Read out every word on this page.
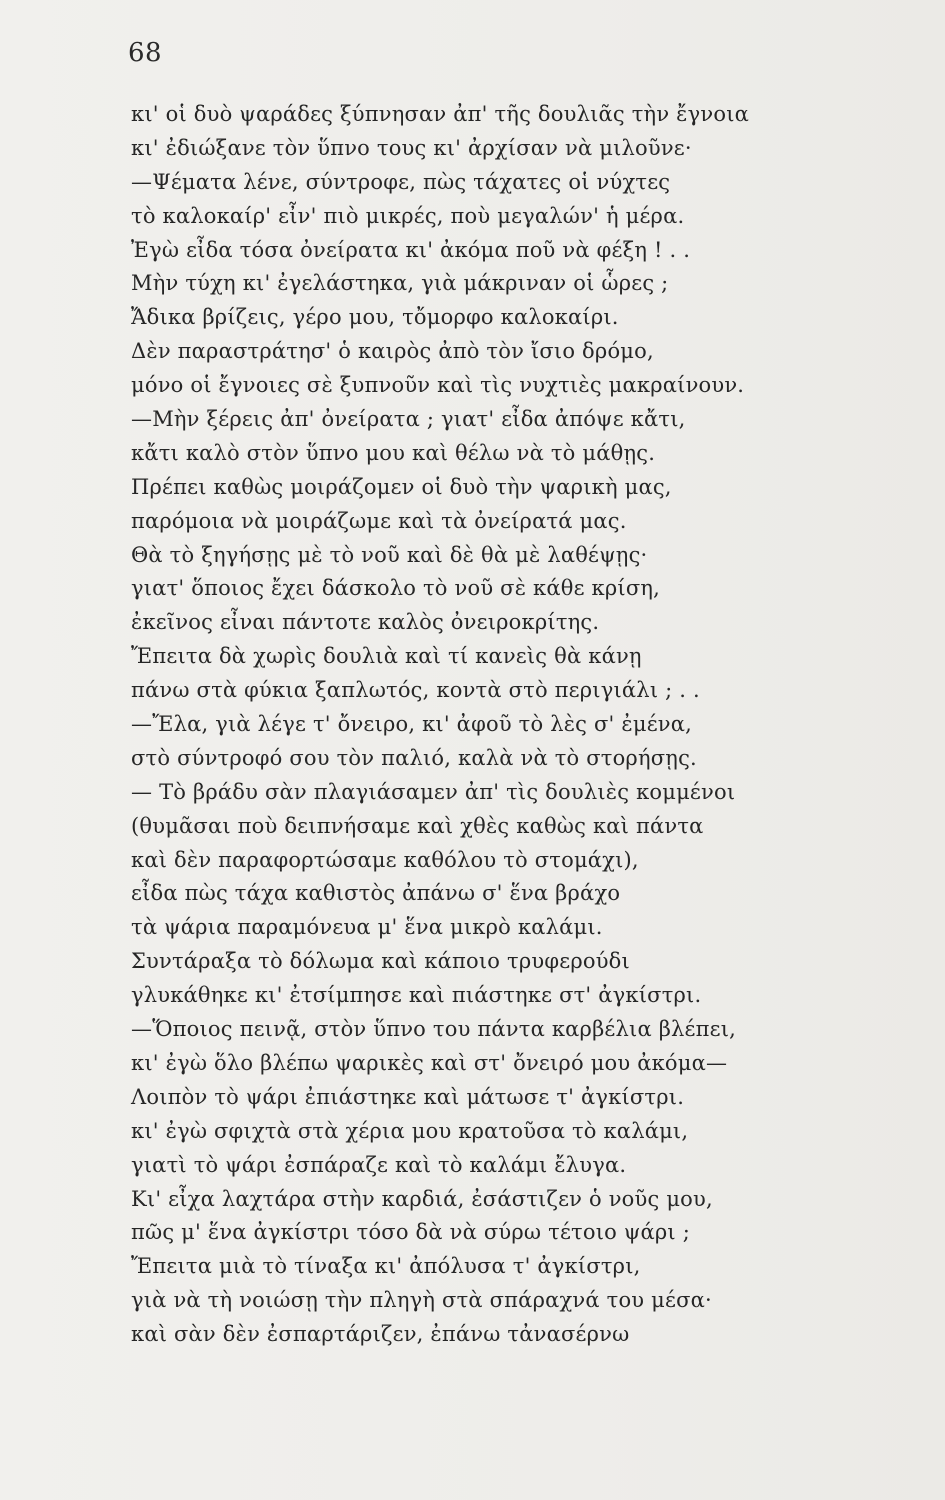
68
κι' οἱ δυὸ ψαράδες ξύπνησαν ἀπ' τῆς δουλιᾶς τὴν ἔγνοια
κι' ἐδιώξανε τὸν ὕπνο τους κι' ἀρχίσαν νὰ μιλοῦνε·
—Ψέματα λένε, σύντροφε, πὼς τάχατες οἱ νύχτες
τὸ καλοκαίρ' εἶν' πιὸ μικρές, ποὺ μεγαλών' ἡ μέρα.
Ἐγὼ εἶδα τόσα ὀνείρατα κι' ἀκόμα ποῦ νὰ φέξη ! . .
Μὴν τύχη κι' ἐγελάστηκα, γιὰ μάκριναν οἱ ὧρες ;
Ἄδικα βρίζεις, γέρο μου, τὄμορφο καλοκαίρι.
Δὲν παραστράτησ' ὁ καιρὸς ἀπὸ τὸν ἴσιο δρόμο,
μόνο οἱ ἔγνοιες σὲ ξυπνοῦν καὶ τὶς νυχτιὲς μακραίνουν.
—Μὴν ξέρεις ἀπ' ὀνείρατα ; γιατ' εἶδα ἀπόψε κἄτι,
κἄτι καλὸ στὸν ὕπνο μου καὶ θέλω νὰ τὸ μάθῃς.
Πρέπει καθὼς μοιράζομεν οἱ δυὸ τὴν ψαρικὴ μας,
παρόμοια νὰ μοιράζωμε καὶ τὰ ὀνείρατά μας.
Θὰ τὸ ξηγήσῃς μὲ τὸ νοῦ καὶ δὲ θὰ μὲ λαθέψῃς·
γιατ' ὅποιος ἔχει δάσκολο τὸ νοῦ σὲ κάθε κρίση,
ἐκεῖνος εἶναι πάντοτε καλὸς ὀνειροκρίτης.
Ἔπειτα δὰ χωρὶς δουλιὰ καὶ τί κανεὶς θὰ κάνῃ
πάνω στὰ φύκια ξαπλωτός, κοντὰ στὸ περιγιάλι ; . .
—Ἔλα, γιὰ λέγε τ' ὄνειρο, κι' ἀφοῦ τὸ λὲς σ' ἐμένα,
στὸ σύντροφό σου τὸν παλιό, καλὰ νὰ τὸ στορήσῃς.
— Τὸ βράδυ σὰν πλαγιάσαμεν ἀπ' τὶς δουλιὲς κομμένοι
(θυμᾶσαι ποὺ δειπνήσαμε καὶ χθὲς καθὼς καὶ πάντα
καὶ δὲν παραφορτώσαμε καθόλου τὸ στομάχι),
εἶδα πὼς τάχα καθιστὸς ἀπάνω σ' ἕνα βράχο
τὰ ψάρια παραμόνευα μ' ἕνα μικρὸ καλάμι.
Συντάραξα τὸ δόλωμα καὶ κάποιο τρυφερούδι
γλυκάθηκε κι' ἐτσίμπησε καὶ πιάστηκε στ' ἀγκίστρι.
—Ὅποιος πεινᾷ, στὸν ὕπνο του πάντα καρβέλια βλέπει,
κι' ἐγὼ ὅλο βλέπω ψαρικὲς καὶ στ' ὄνειρό μου ἀκόμα—
Λοιπὸν τὸ ψάρι ἐπιάστηκε καὶ μάτωσε τ' ἀγκίστρι.
κι' ἐγὼ σφιχτὰ στὰ χέρια μου κρατοῦσα τὸ καλάμι,
γιατὶ τὸ ψάρι ἐσπάραζε καὶ τὸ καλάμι ἔλυγα.
Κι' εἶχα λαχτάρα στὴν καρδιά, ἐσάστιζεν ὁ νοῦς μου,
πῶς μ' ἕνα ἀγκίστρι τόσο δὰ νὰ σύρω τέτοιο ψάρι ;
Ἔπειτα μιὰ τὸ τίναξα κι' ἀπόλυσα τ' ἀγκίστρι,
γιὰ νὰ τὴ νοιώσῃ τὴν πληγὴ στὰ σπάραχνά του μέσα·
καὶ σὰν δὲν ἐσπαρτάριζεν, ἐπάνω τἀνασέρνω
